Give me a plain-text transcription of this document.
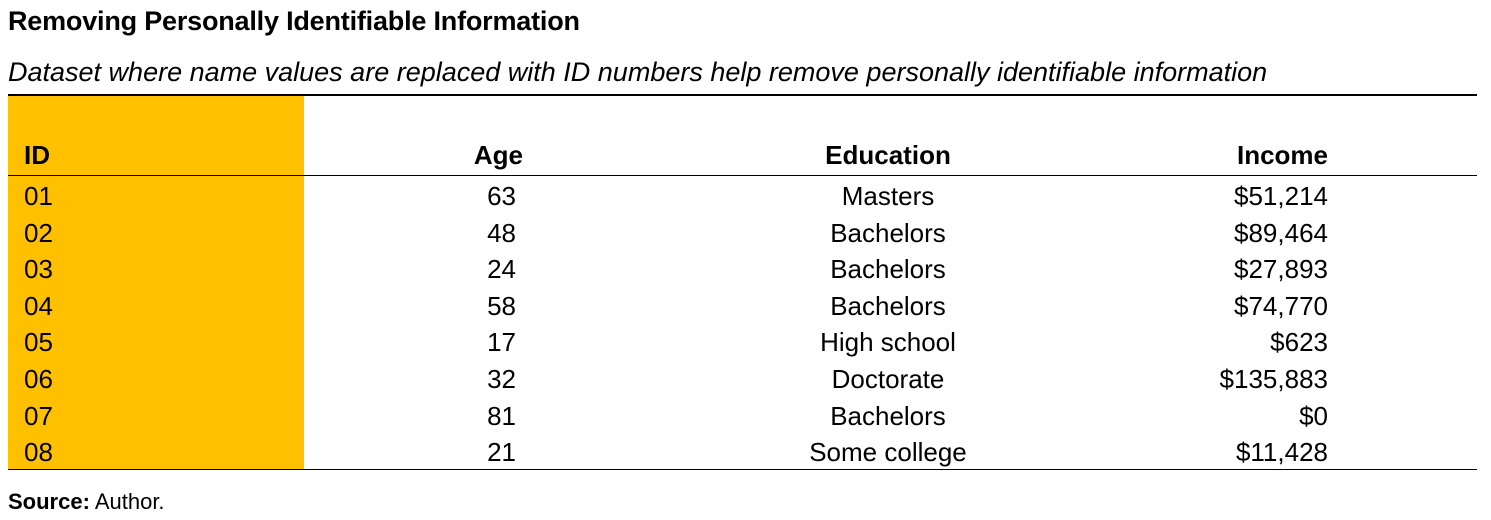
Removing Personally Identifiable Information
Dataset where name values are replaced with ID numbers help remove personally identifiable information
ID	Age	Education	Income
01	63	Masters	$51,214
02	48	Bachelors	$89,464
03	24	Bachelors	$27,893
04	58	Bachelors	$74,770
05	17	High school	$623
06	32	Doctorate	$135,883
07	81	Bachelors	$0
08	21	Some college	$11,428
Source: Author.
